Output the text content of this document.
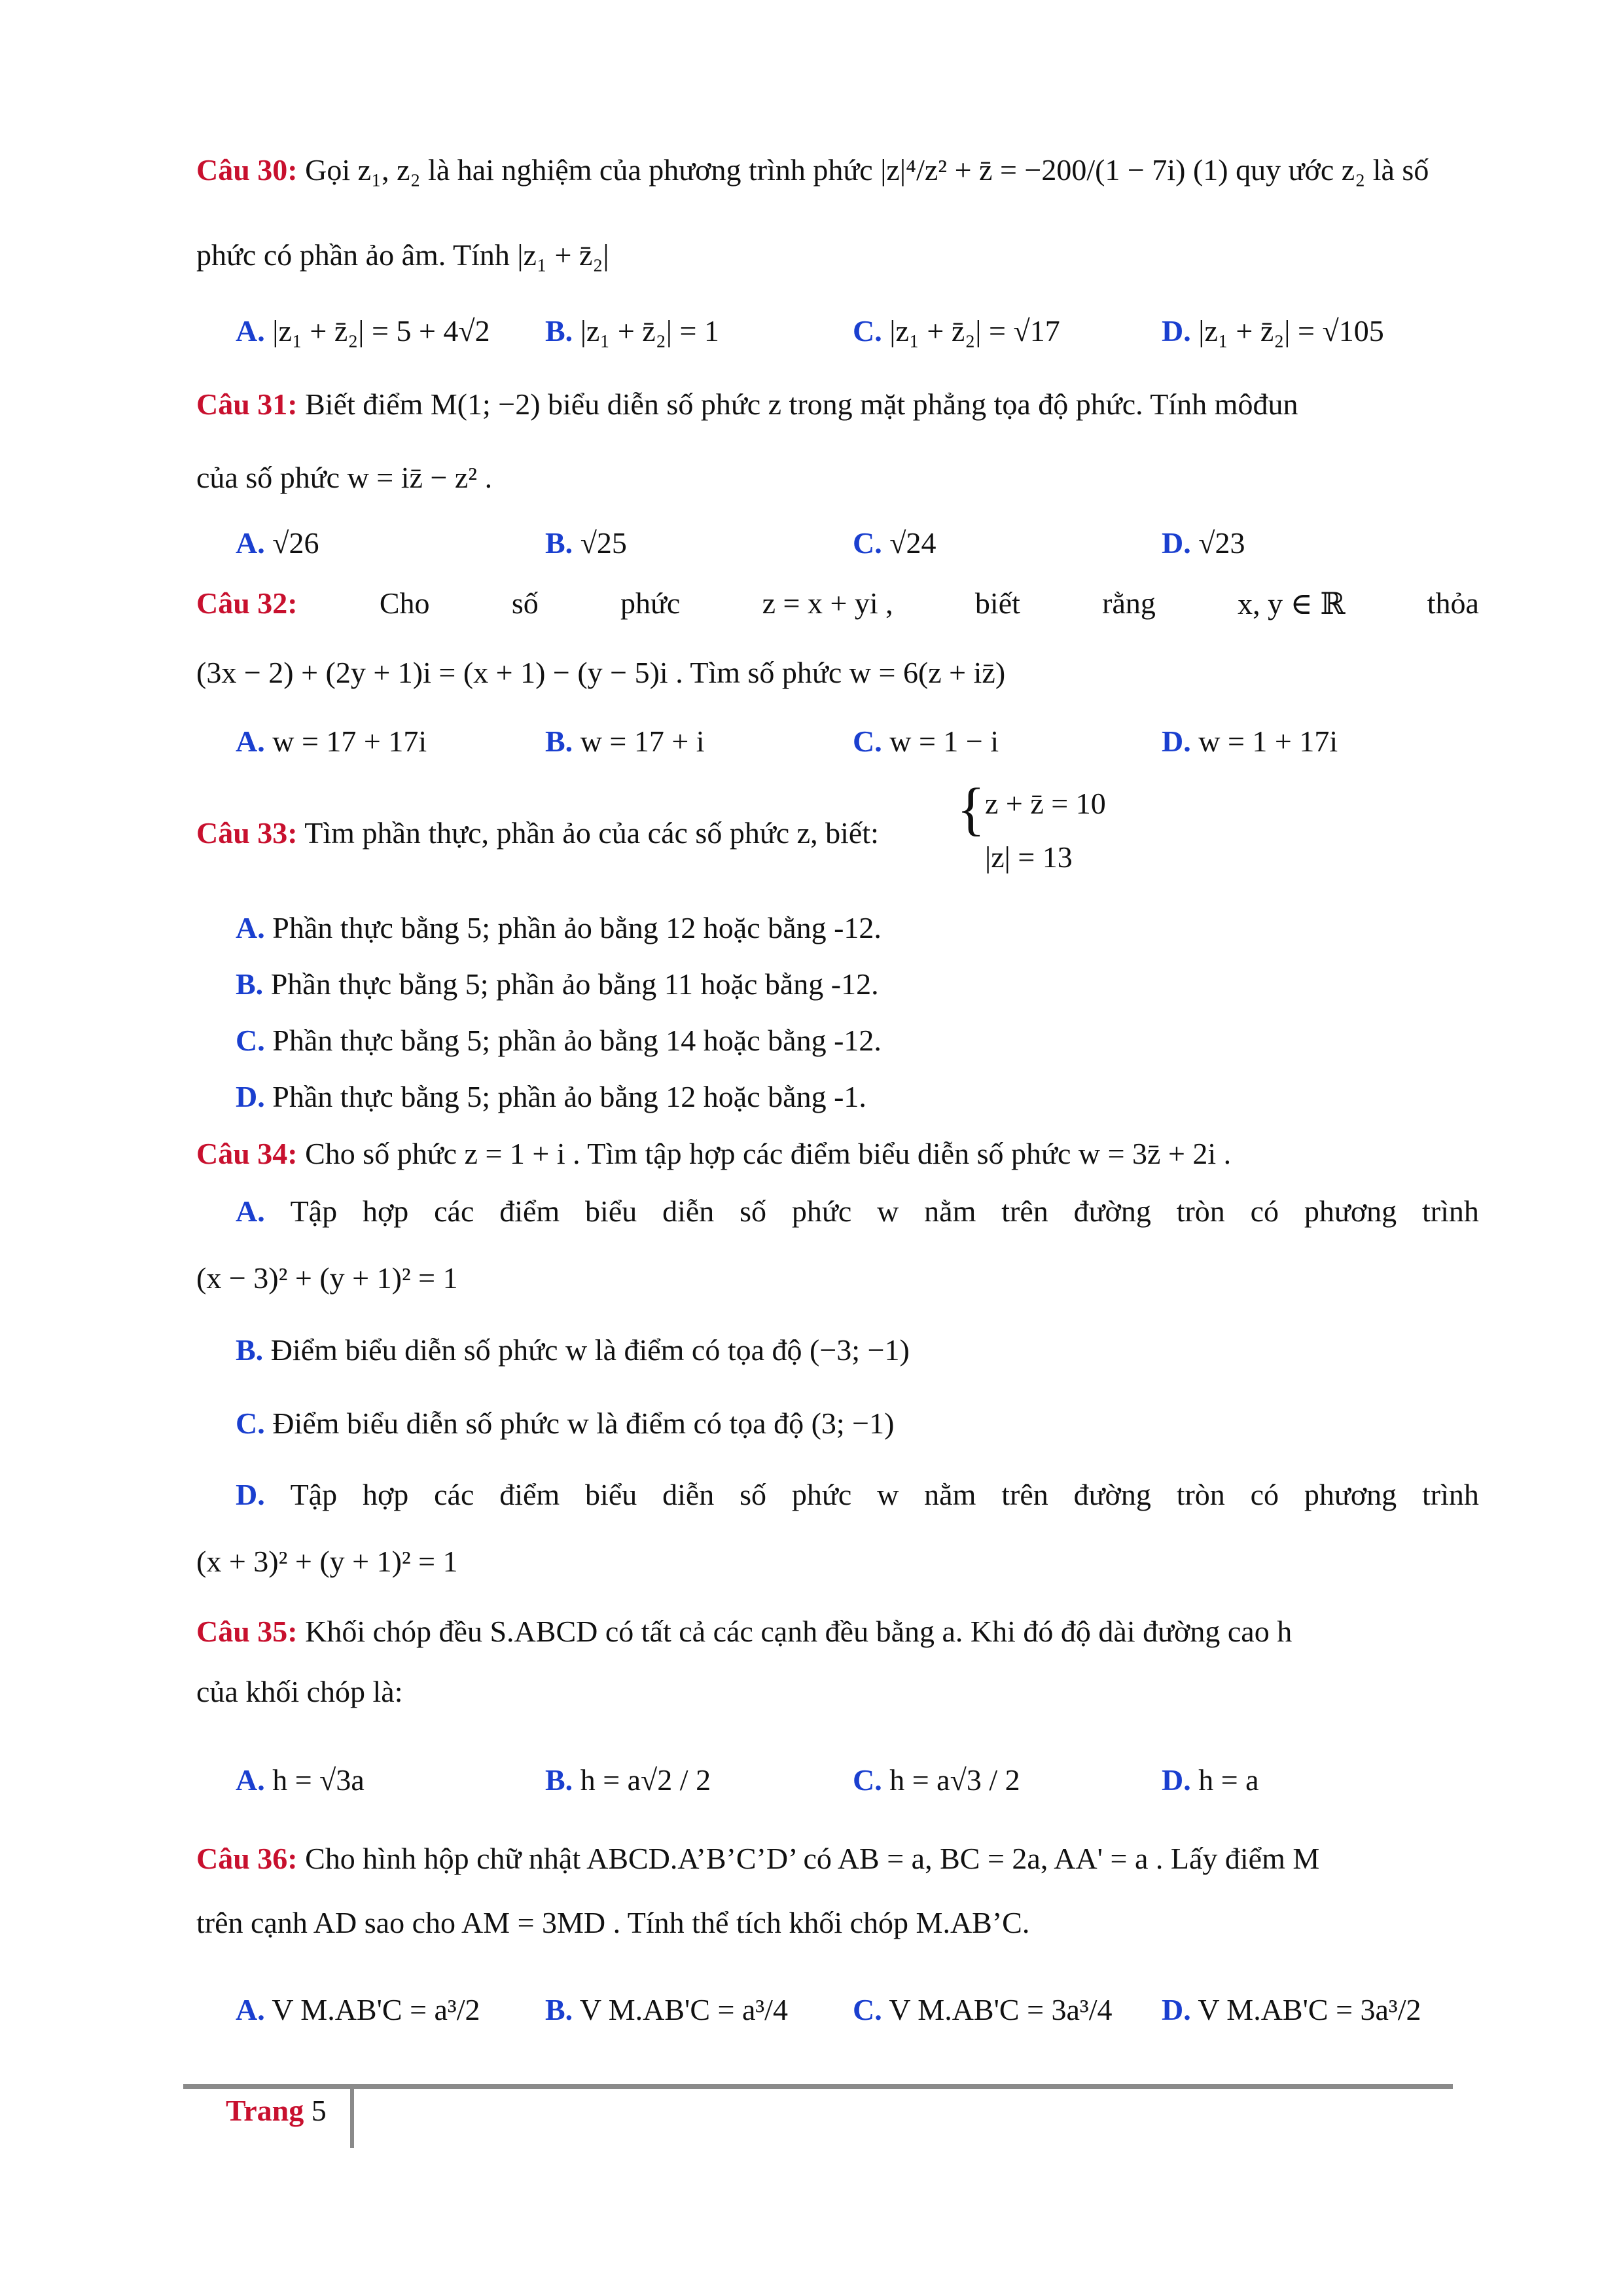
Câu 30: Gọi z₁, z₂ là hai nghiệm của phương trình phức |z|⁴/z² + z̄ = −200/(1 − 7i) (1) quy ước z₂ là số
phức có phần ảo âm. Tính |z₁ + z̄₂|
A. |z₁ + z̄₂| = 5 + 4√2 B. |z₁ + z̄₂| = 1	C. |z₁ + z̄₂| = √17	D. |z₁ + z̄₂| = √105
Câu 31: Biết điểm M(1; −2) biểu diễn số phức z trong mặt phẳng tọa độ phức. Tính môđun
của số phức w = iz̄ − z² .
A. √26	B. √25	C. √24	D. √23
Câu 32:	Cho	số	phức	z = x + yi ,	biết	rằng	x, y ∈ ℝ	thỏa
(3x − 2) + (2y + 1)i = (x + 1) − (y − 5)i . Tìm số phức w = 6(z + iz̄)
A. w = 17 + 17i	B. w = 17 + i	C. w = 1 − i	D. w = 1 + 17i
Câu 33: Tìm phần thực, phần ảo của các số phức z, biết: { z + z̄ = 10
|z| = 13
A. Phần thực bằng 5; phần ảo bằng 12 hoặc bằng -12.
B. Phần thực bằng 5; phần ảo bằng 11 hoặc bằng -12.
C. Phần thực bằng 5; phần ảo bằng 14 hoặc bằng -12.
D. Phần thực bằng 5; phần ảo bằng 12 hoặc bằng -1.
Câu 34: Cho số phức z = 1 + i . Tìm tập hợp các điểm biểu diễn số phức w = 3z̄ + 2i .
A. Tập hợp các điểm biểu diễn số phức w nằm trên đường tròn có phương trình
(x − 3)² + (y + 1)² = 1
B. Điểm biểu diễn số phức w là điểm có tọa độ (−3; −1)
C. Điểm biểu diễn số phức w là điểm có tọa độ (3; −1)
D. Tập hợp các điểm biểu diễn số phức w nằm trên đường tròn có phương trình
(x + 3)² + (y + 1)² = 1
Câu 35: Khối chóp đều S.ABCD có tất cả các cạnh đều bằng a. Khi đó độ dài đường cao h
của khối chóp là:
A. h = √3a	B. h = a√2 / 2	C. h = a√3 / 2	D. h = a
Câu 36: Cho hình hộp chữ nhật ABCD.A’B’C’D’ có AB = a, BC = 2a, AA' = a . Lấy điểm M
trên cạnh AD sao cho AM = 3MD . Tính thể tích khối chóp M.AB’C.
A. V M.AB'C = a³/2 B. V M.AB'C = a³/4 C. V M.AB'C = 3a³/4 D. V M.AB'C = 3a³/2
Trang 5
